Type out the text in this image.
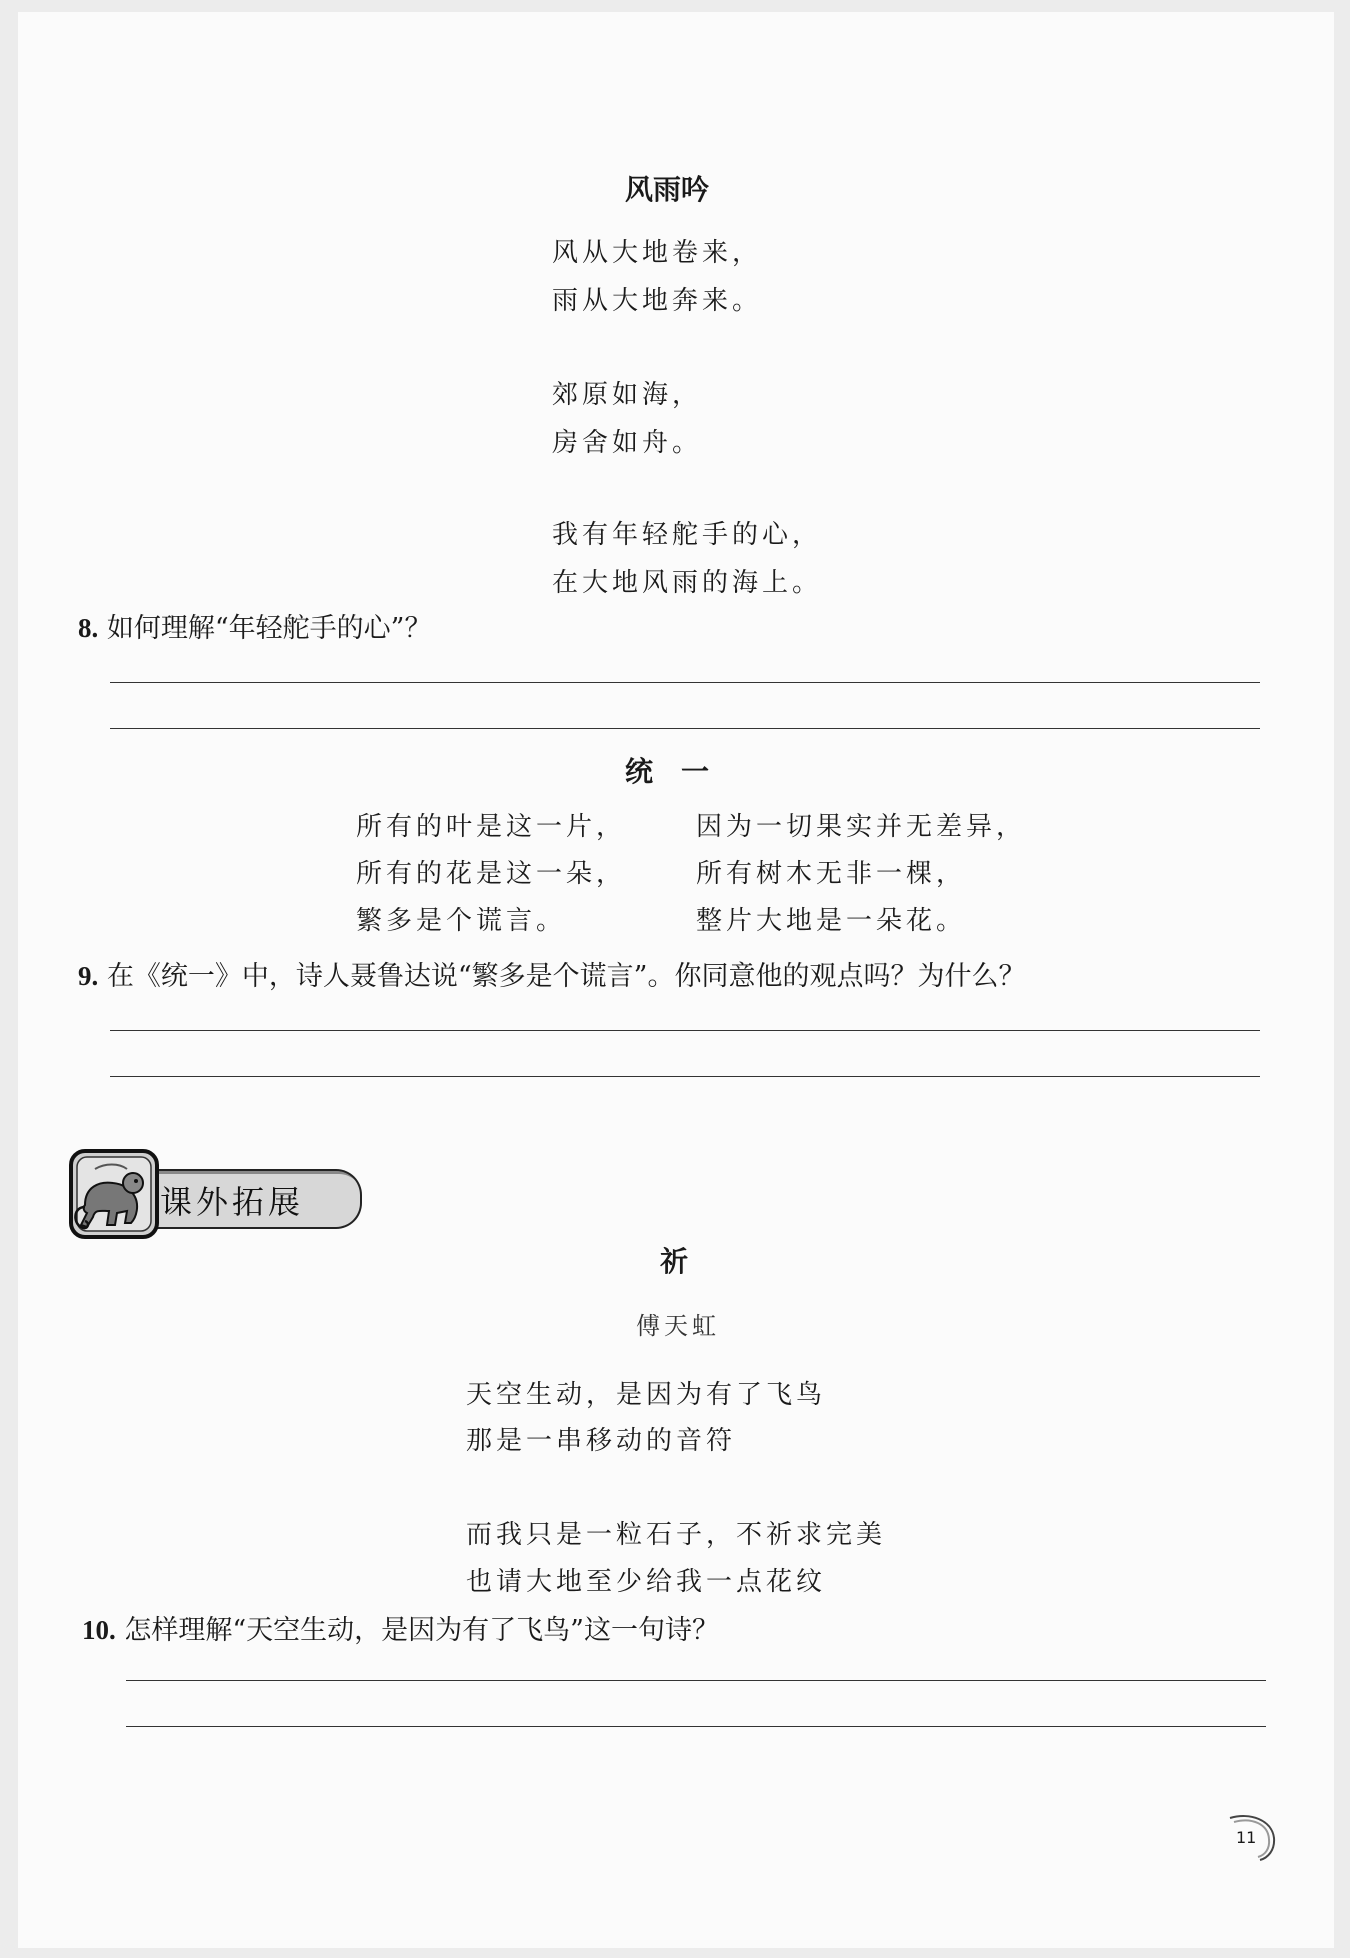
风雨吟
风从大地卷来，
雨从大地奔来。
郊原如海，
房舍如舟。
我有年轻舵手的心，
在大地风雨的海上。
8. 如何理解“年轻舵手的心”？
统　一
所有的叶是这一片，
所有的花是这一朵，
繁多是个谎言。
因为一切果实并无差异，
所有树木无非一棵，
整片大地是一朵花。
9. 在《统一》中，诗人聂鲁达说“繁多是个谎言”。你同意他的观点吗？为什么？
课外拓展
祈
傅天虹
天空生动，是因为有了飞鸟
那是一串移动的音符
而我只是一粒石子，不祈求完美
也请大地至少给我一点花纹
10. 怎样理解“天空生动，是因为有了飞鸟”这一句诗？
11
